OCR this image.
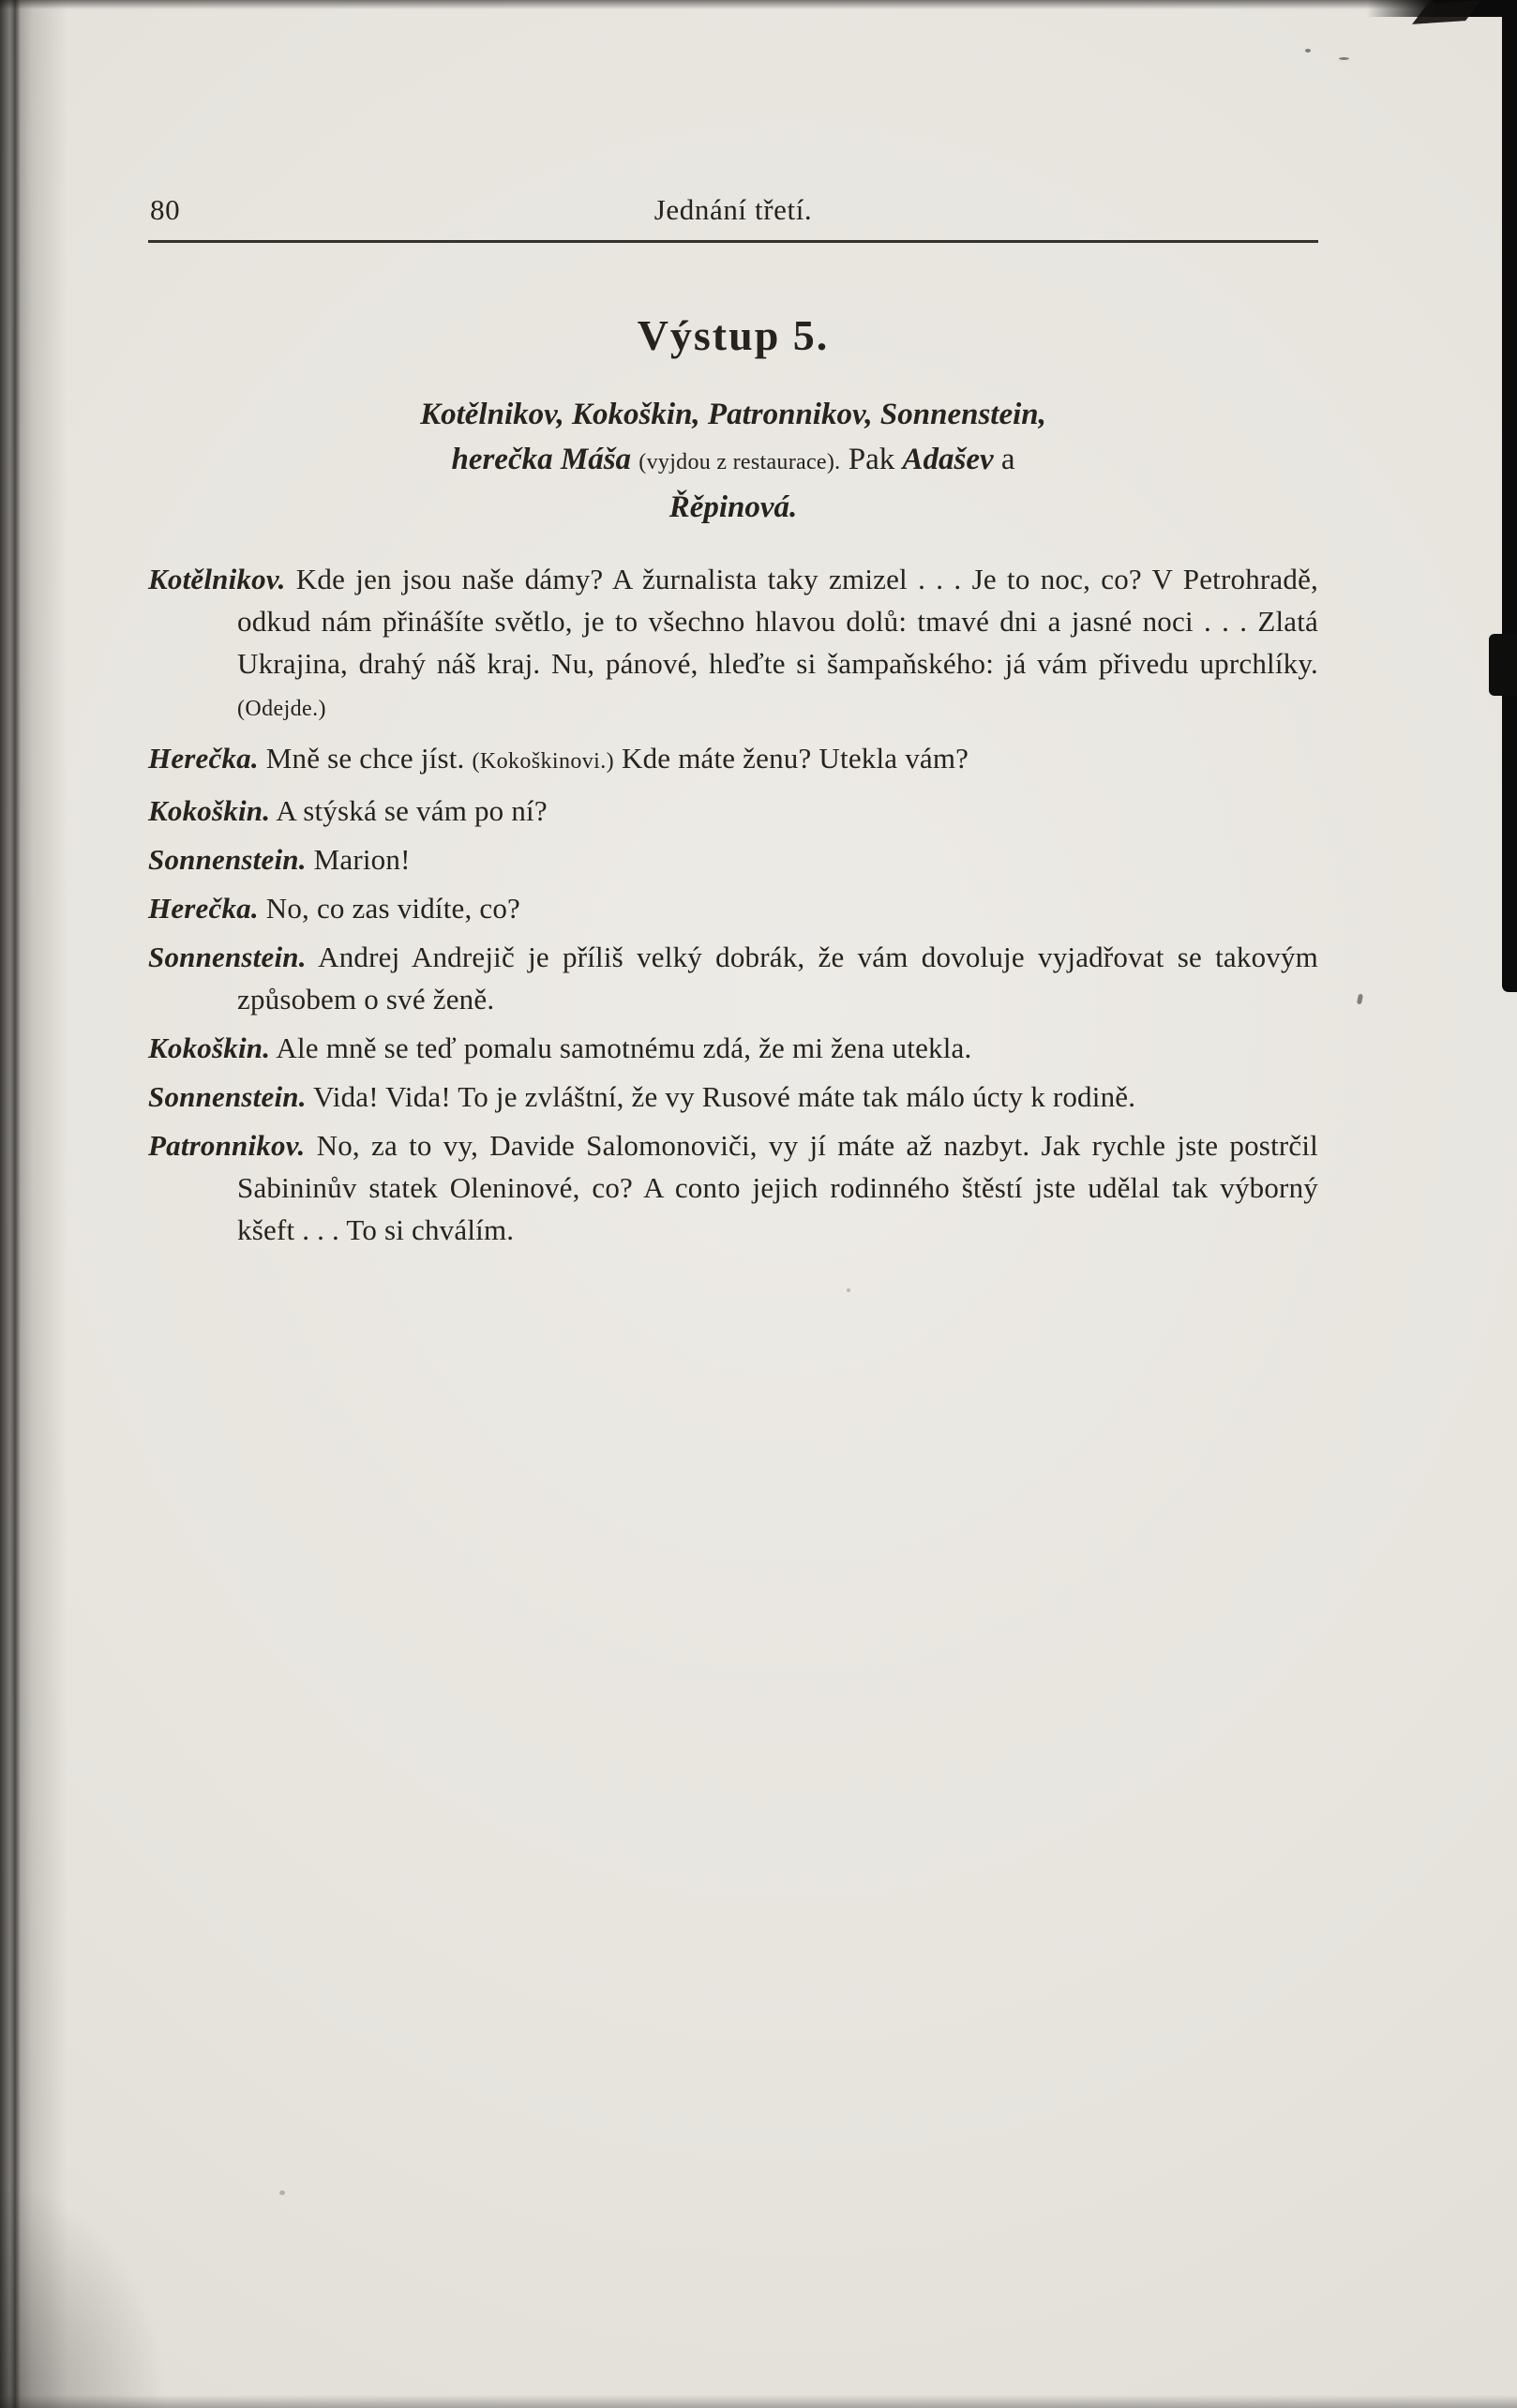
80	Jednání třetí.
Výstup 5.
Kotělnikov, Kokoškin, Patronnikov, Sonnenstein,
herečka Máša (vyjdou z restaurace). Pak Adašev a
Řěpinová.

Kotělnikov. Kde jen jsou naše dámy? A žurnalista taky zmizel . . . Je to noc, co? V Petrohradě, odkud nám přinášíte světlo, je to všechno hlavou dolů: tmavé dni a jasné noci . . . Zlatá Ukrajina, drahý náš kraj. Nu, pánové, hleďte si šampaňského: já vám přivedu uprchlíky. (Odejde.)

Herečka. Mně se chce jíst. (Kokoškinovi.) Kde máte ženu? Utekla vám?

Kokoškin. A stýská se vám po ní?

Sonnenstein. Marion!

Herečka. No, co zas vidíte, co?

Sonnenstein. Andrej Andrejič je příliš velký dobrák, že vám dovoluje vyjadřovat se takovým způsobem o své ženě.

Kokoškin. Ale mně se teď pomalu samotnému zdá, že mi žena utekla.

Sonnenstein. Vida! Vida! To je zvláštní, že vy Rusové máte tak málo úcty k rodině.

Patronnikov. No, za to vy, Davide Salomonoviči, vy jí máte až nazbyt. Jak rychle jste postrčil Sabininův statek Oleninové, co? A conto jejich rodinného štěstí jste udělal tak výborný kšeft . . . To si chválím.
